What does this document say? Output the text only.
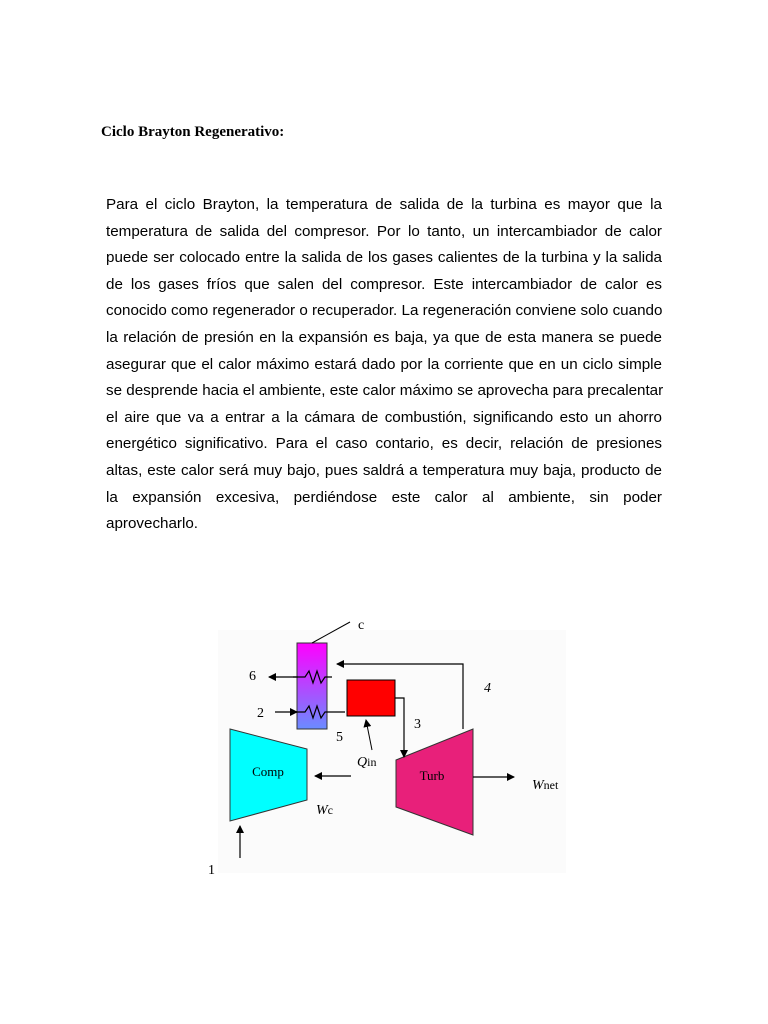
Ciclo Brayton Regenerativo:
Para el ciclo Brayton, la temperatura de salida de la turbina es mayor que la
temperatura de salida del compresor. Por lo tanto, un intercambiador de calor
puede ser colocado entre la salida de los gases calientes de la turbina y la salida
de los gases fríos que salen del compresor. Este intercambiador de calor es
conocido como regenerador o recuperador. La regeneración conviene solo cuando
la relación de presión en la expansión es baja, ya que de esta manera se puede
asegurar que el calor máximo estará dado por la corriente que en un ciclo simple
se desprende hacia el ambiente, este calor máximo se aprovecha para precalentar
el aire que va a entrar a la cámara de combustión, significando esto un ahorro
energético significativo. Para el caso contario, es decir, relación de presiones
altas, este calor será muy bajo, pues saldrá a temperatura muy baja, producto de
la expansión excesiva, perdiéndose este calor al ambiente, sin poder
aprovecharlo.
Comp	Turb
6
2
3
4
5
1
Qin
Wc
Wnet
c
